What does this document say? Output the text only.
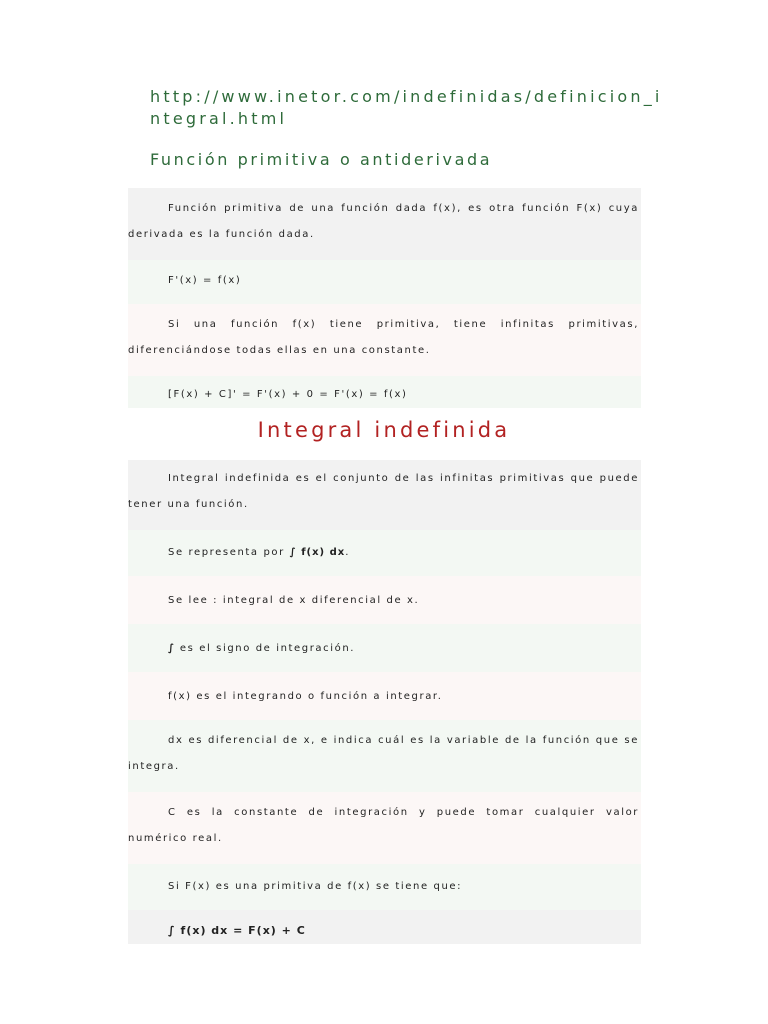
http://www.inetor.com/indefinidas/definicion_integral.html
Función primitiva o antiderivada
Función primitiva de una función dada f(x), es otra función F(x) cuya derivada es la función dada.
F'(x) = f(x)
Si una función f(x) tiene primitiva, tiene infinitas primitivas, diferenciándose todas ellas en una constante.
[F(x) + C]' = F'(x) + 0 = F'(x) = f(x)
Integral indefinida
Integral indefinida es el conjunto de las infinitas primitivas que puede tener una función.
Se representa por ∫ f(x) dx.
Se lee : integral de x diferencial de x.
∫ es el signo de integración.
f(x) es el integrando o función a integrar.
dx es diferencial de x, e indica cuál es la variable de la función que se integra.
C es la constante de integración y puede tomar cualquier valor numérico real.
Si F(x) es una primitiva de f(x) se tiene que:
∫ f(x) dx = F(x) + C
